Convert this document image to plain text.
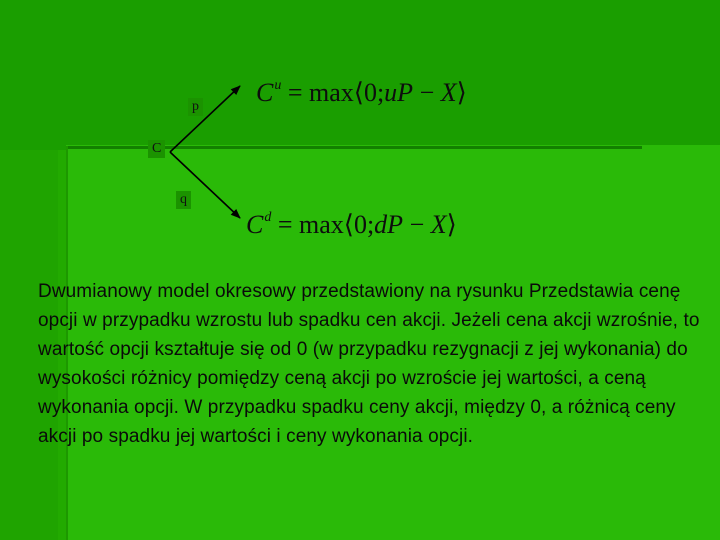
p
C
q
$C^u$ = max⟨0;uP − X⟩
$C^d$ = max⟨0;dP − X⟩

Dwumianowy model okresowy przedstawiony na rysunku Przedstawia cenę opcji w przypadku wzrostu lub spadku cen akcji. Jeżeli cena akcji wzrośnie, to wartość opcji kształtuje się od 0 (w przypadku rezygnacji z jej wykonania) do wysokości różnicy pomiędzy ceną akcji po wzroście jej wartości, a ceną wykonania opcji. W przypadku spadku ceny akcji, między 0, a różnicą ceny akcji po spadku jej wartości i ceny wykonania opcji.
